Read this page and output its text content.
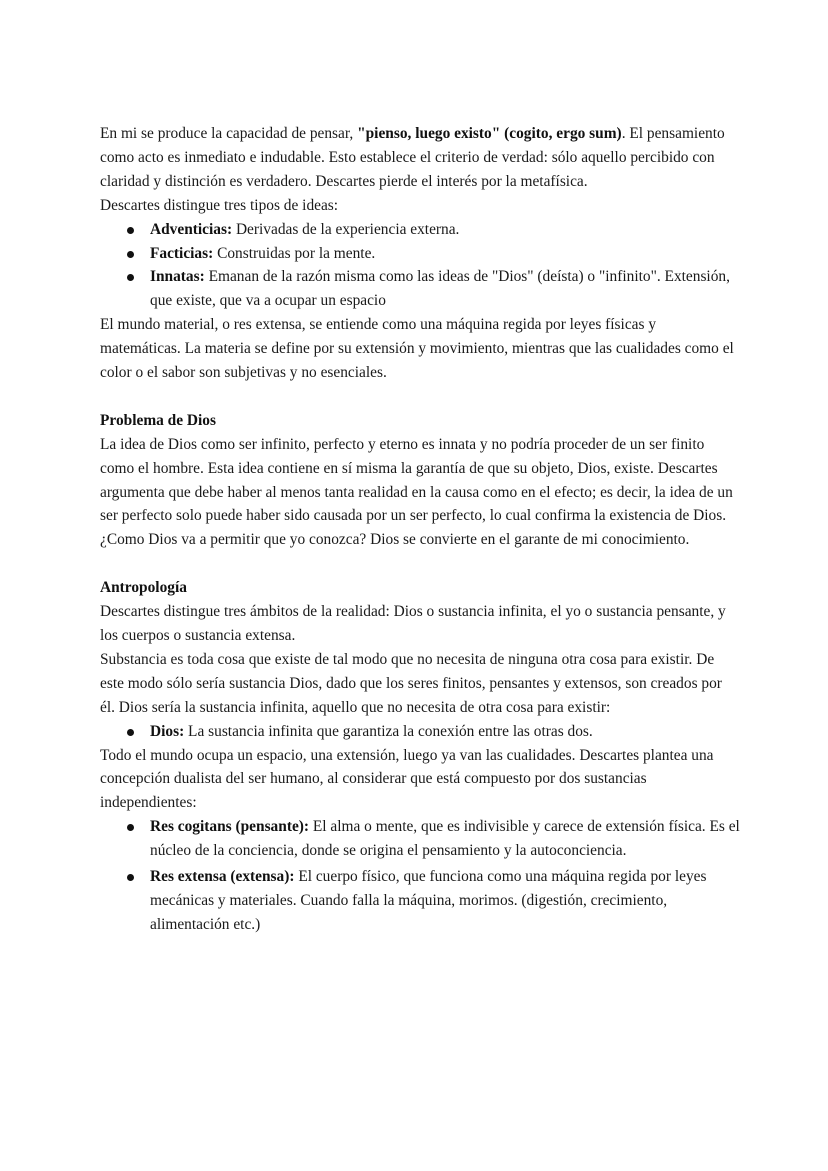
En mi se produce la capacidad de pensar, "pienso, luego existo" (cogito, ergo sum). El pensamiento como acto es inmediato e indudable. Esto establece el criterio de verdad: sólo aquello percibido con claridad y distinción es verdadero. Descartes pierde el interés por la metafísica.

Descartes distingue tres tipos de ideas:

Adventicias: Derivadas de la experiencia externa.
Facticias: Construidas por la mente.
Innatas: Emanan de la razón misma como las ideas de "Dios" (deísta) o "infinito". Extensión, que existe, que va a ocupar un espacio

El mundo material, o res extensa, se entiende como una máquina regida por leyes físicas y matemáticas. La materia se define por su extensión y movimiento, mientras que las cualidades como el color o el sabor son subjetivas y no esenciales.

Problema de Dios

La idea de Dios como ser infinito, perfecto y eterno es innata y no podría proceder de un ser finito como el hombre. Esta idea contiene en sí misma la garantía de que su objeto, Dios, existe. Descartes argumenta que debe haber al menos tanta realidad en la causa como en el efecto; es decir, la idea de un ser perfecto solo puede haber sido causada por un ser perfecto, lo cual confirma la existencia de Dios.

¿Como Dios va a permitir que yo conozca? Dios se convierte en el garante de mi conocimiento.

Antropología

Descartes distingue tres ámbitos de la realidad: Dios o sustancia infinita, el yo o sustancia pensante, y los cuerpos o sustancia extensa.

Substancia es toda cosa que existe de tal modo que no necesita de ninguna otra cosa para existir. De este modo sólo sería sustancia Dios, dado que los seres finitos, pensantes y extensos, son creados por él. Dios sería la sustancia infinita, aquello que no necesita de otra cosa para existir:

Dios: La sustancia infinita que garantiza la conexión entre las otras dos.

Todo el mundo ocupa un espacio, una extensión, luego ya van las cualidades. Descartes plantea una concepción dualista del ser humano, al considerar que está compuesto por dos sustancias independientes:

Res cogitans (pensante): El alma o mente, que es indivisible y carece de extensión física. Es el núcleo de la conciencia, donde se origina el pensamiento y la autoconciencia.
Res extensa (extensa): El cuerpo físico, que funciona como una máquina regida por leyes mecánicas y materiales. Cuando falla la máquina, morimos. (digestión, crecimiento, alimentación etc.)
